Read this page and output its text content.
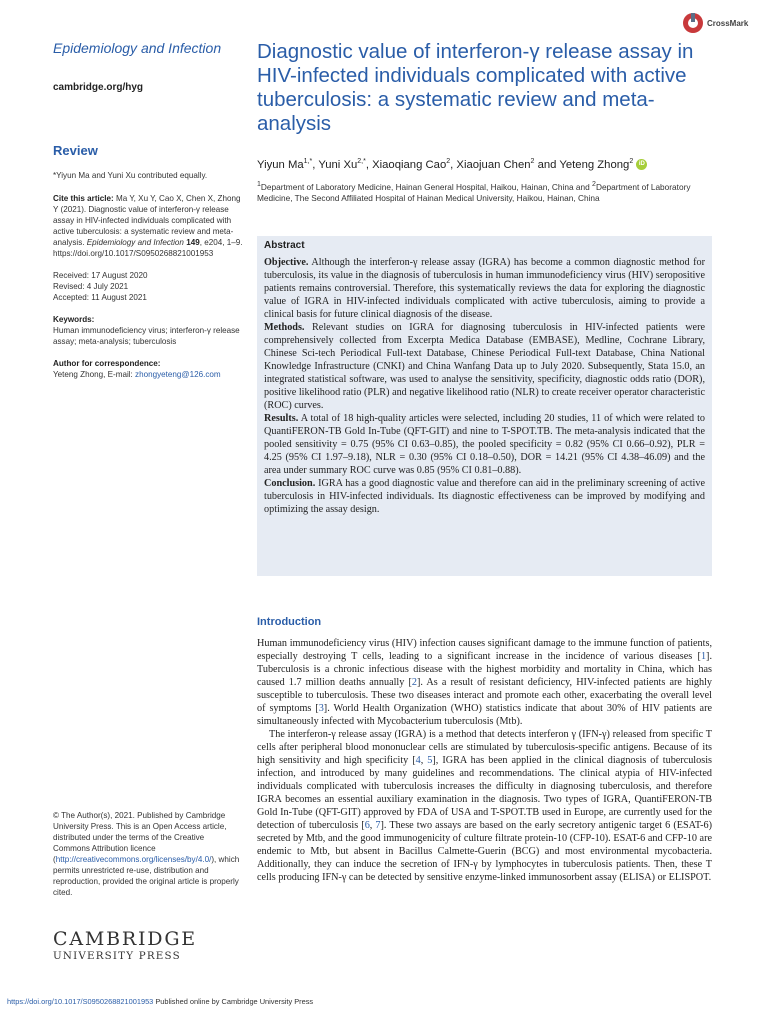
CrossMark
Epidemiology and Infection
cambridge.org/hyg
Review
*Yiyun Ma and Yuni Xu contributed equally.
Cite this article: Ma Y, Xu Y, Cao X, Chen X, Zhong Y (2021). Diagnostic value of interferon-γ release assay in HIV-infected individuals complicated with active tuberculosis: a systematic review and meta-analysis. Epidemiology and Infection 149, e204, 1–9. https://doi.org/10.1017/S0950268821001953
Received: 17 August 2020
Revised: 4 July 2021
Accepted: 11 August 2021
Keywords:
Human immunodeficiency virus; interferon-γ release assay; meta-analysis; tuberculosis
Author for correspondence:
Yeteng Zhong, E-mail: zhongyeteng@126.com
© The Author(s), 2021. Published by Cambridge University Press. This is an Open Access article, distributed under the terms of the Creative Commons Attribution licence (http://creativecommons.org/licenses/by/4.0/), which permits unrestricted re-use, distribution and reproduction, provided the original article is properly cited.
CAMBRIDGE
UNIVERSITY PRESS
Diagnostic value of interferon-γ release assay in HIV-infected individuals complicated with active tuberculosis: a systematic review and meta-analysis
Yiyun $Ma^{1,*}$, Yuni $Xu^{2,*}$, Xiaoqiang Cao$^2$, Xiaojuan Chen$^2$ and Yeteng Zhong$^2$ iD
$^1$Department of Laboratory Medicine, Hainan General Hospital, Haikou, Hainan, China and $^2$Department of Laboratory Medicine, The Second Affiliated Hospital of Hainan Medical University, Haikou, Hainan, China
Abstract

Objective. Although the interferon-γ release assay (IGRA) has become a common diagnostic method for tuberculosis, its value in the diagnosis of tuberculosis in human immunodeficiency virus (HIV) seropositive patients remains controversial. Therefore, this systematically reviews the data for exploring the diagnostic value of IGRA in HIV-infected individuals complicated with active tuberculosis, aiming to provide a clinical basis for future clinical diagnosis of the disease.

Methods. Relevant studies on IGRA for diagnosing tuberculosis in HIV-infected patients were comprehensively collected from Excerpta Medica Database (EMBASE), Medline, Cochrane Library, Chinese Sci-tech Periodical Full-text Database, Chinese Periodical Full-text Database, China National Knowledge Infrastructure (CNKI) and China Wanfang Data up to July 2020. Subsequently, Stata 15.0, an integrated statistical software, was used to analyse the sensitivity, specificity, diagnostic odds ratio (DOR), positive likelihood ratio (PLR) and negative likelihood ratio (NLR) to create receiver operator characteristic (ROC) curves.

Results. A total of 18 high-quality articles were selected, including 20 studies, 11 of which were related to QuantiFERON-TB Gold In-Tube (QFT-GIT) and nine to T-SPOT.TB. The meta-analysis indicated that the pooled sensitivity = 0.75 (95% CI 0.63–0.85), the pooled specificity = 0.82 (95% CI 0.66–0.92), PLR = 4.25 (95% CI 1.97–9.18), NLR = 0.30 (95% CI 0.18–0.50), DOR = 14.21 (95% CI 4.38–46.09) and the area under summary ROC curve was 0.85 (95% CI 0.81–0.88).

Conclusion. IGRA has a good diagnostic value and therefore can aid in the preliminary screening of active tuberculosis in HIV-infected individuals. Its diagnostic effectiveness can be improved by modifying and optimizing the assay design.

Introduction

Human immunodeficiency virus (HIV) infection causes significant damage to the immune function of patients, especially destroying T cells, leading to a significant increase in the incidence of various diseases [1]. Tuberculosis is a chronic infectious disease with the highest morbidity and mortality in China, which has caused 1.7 million deaths annually [2]. As a result of resistant deficiency, HIV-infected patients are highly susceptible to tuberculosis. These two diseases interact and promote each other, exacerbating the overall level of symptoms [3]. World Health Organization (WHO) statistics indicate that about 30% of HIV patients are simultaneously infected with Mycobacterium tuberculosis (Mtb).

The interferon-γ release assay (IGRA) is a method that detects interferon γ (IFN-γ) released from specific T cells after peripheral blood mononuclear cells are stimulated by tuberculosis-specific antigens. Because of its high sensitivity and high specificity [4, 5], IGRA has been applied in the clinical diagnosis of tuberculosis infection, and introduced by many guidelines and recommendations. The clinical atypia of HIV-infected individuals complicated with tuberculosis increases the difficulty in diagnosing tuberculosis, and therefore IGRA becomes an essential auxiliary examination in the diagnosis. Two types of IGRA, QuantiFERON-TB Gold In-Tube (QFT-GIT) approved by FDA of USA and T-SPOT.TB used in Europe, are currently used for the detection of tuberculosis [6, 7]. These two assays are based on the early secretory antigenic target 6 (ESAT-6) secreted by Mtb, and the good immunogenicity of culture filtrate protein-10 (CFP-10). ESAT-6 and CFP-10 are endemic to Mtb, but absent in Bacillus Calmette-Guerin (BCG) and most environmental mycobacteria. Additionally, they can induce the secretion of IFN-γ by lymphocytes in tuberculosis patients. Then, these T cells producing IFN-γ can be detected by sensitive enzyme-linked immunosorbent assay (ELISA) or ELISPOT.

https://doi.org/10.1017/S0950268821001953 Published online by Cambridge University Press
